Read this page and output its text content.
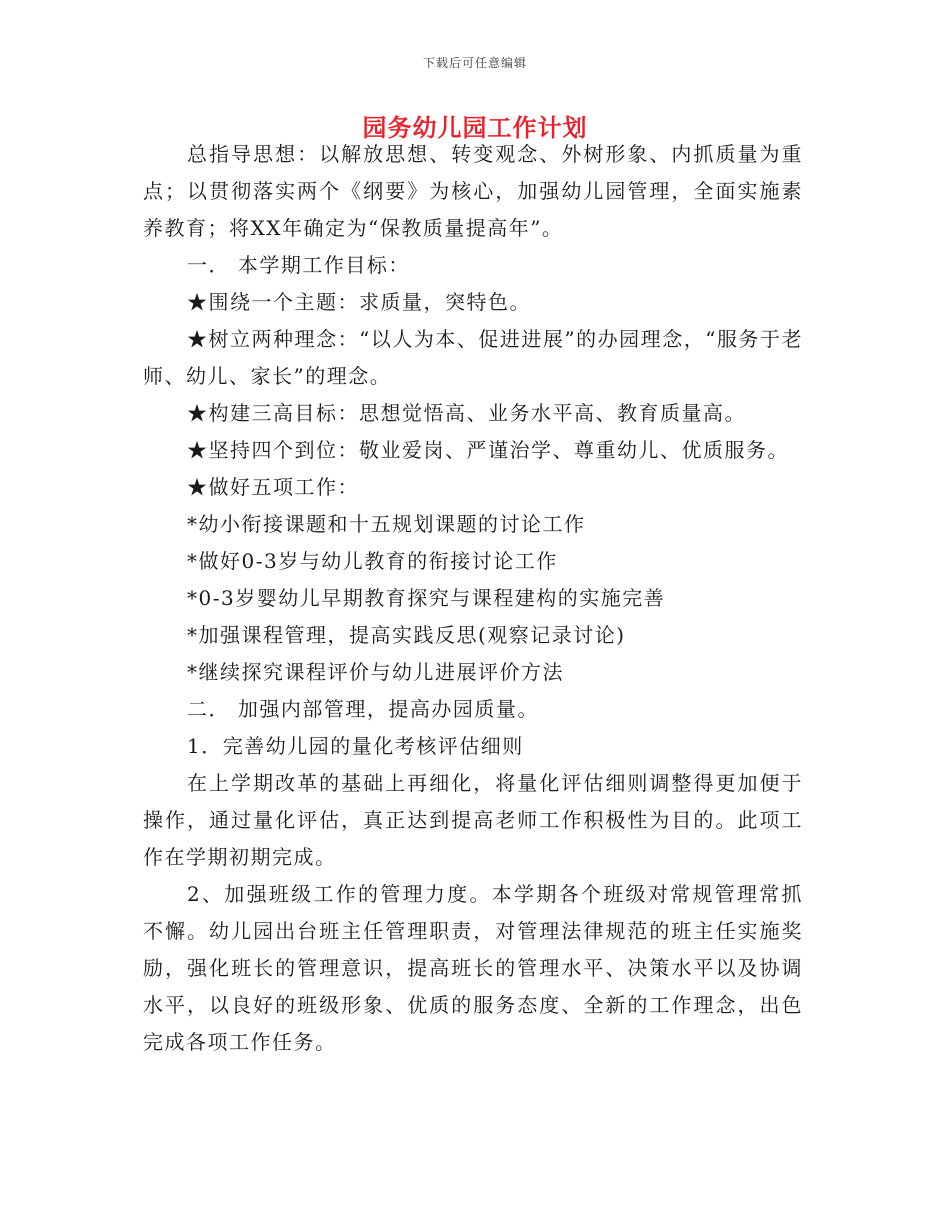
下载后可任意编辑
园务幼儿园工作计划

总指导思想：以解放思想、转变观念、外树形象、内抓质量为重点；以贯彻落实两个《纲要》为核心，加强幼儿园管理，全面实施素养教育；将XX年确定为“保教质量提高年”。

一． 本学期工作目标：

★围绕一个主题：求质量，突特色。

★树立两种理念：“以人为本、促进进展”的办园理念，“服务于老师、幼儿、家长”的理念。

★构建三高目标：思想觉悟高、业务水平高、教育质量高。

★坚持四个到位：敬业爱岗、严谨治学、尊重幼儿、优质服务。

★做好五项工作：

*幼小衔接课题和十五规划课题的讨论工作

*做好0-3岁与幼儿教育的衔接讨论工作

*0-3岁婴幼儿早期教育探究与课程建构的实施完善

*加强课程管理，提高实践反思(观察记录讨论)

*继续探究课程评价与幼儿进展评价方法

二． 加强内部管理，提高办园质量。

1．完善幼儿园的量化考核评估细则

在上学期改革的基础上再细化，将量化评估细则调整得更加便于操作，通过量化评估，真正达到提高老师工作积极性为目的。此项工作在学期初期完成。

2、加强班级工作的管理力度。本学期各个班级对常规管理常抓不懈。幼儿园出台班主任管理职责，对管理法律规范的班主任实施奖励，强化班长的管理意识，提高班长的管理水平、决策水平以及协调水平，以良好的班级形象、优质的服务态度、全新的工作理念，出色完成各项工作任务。
